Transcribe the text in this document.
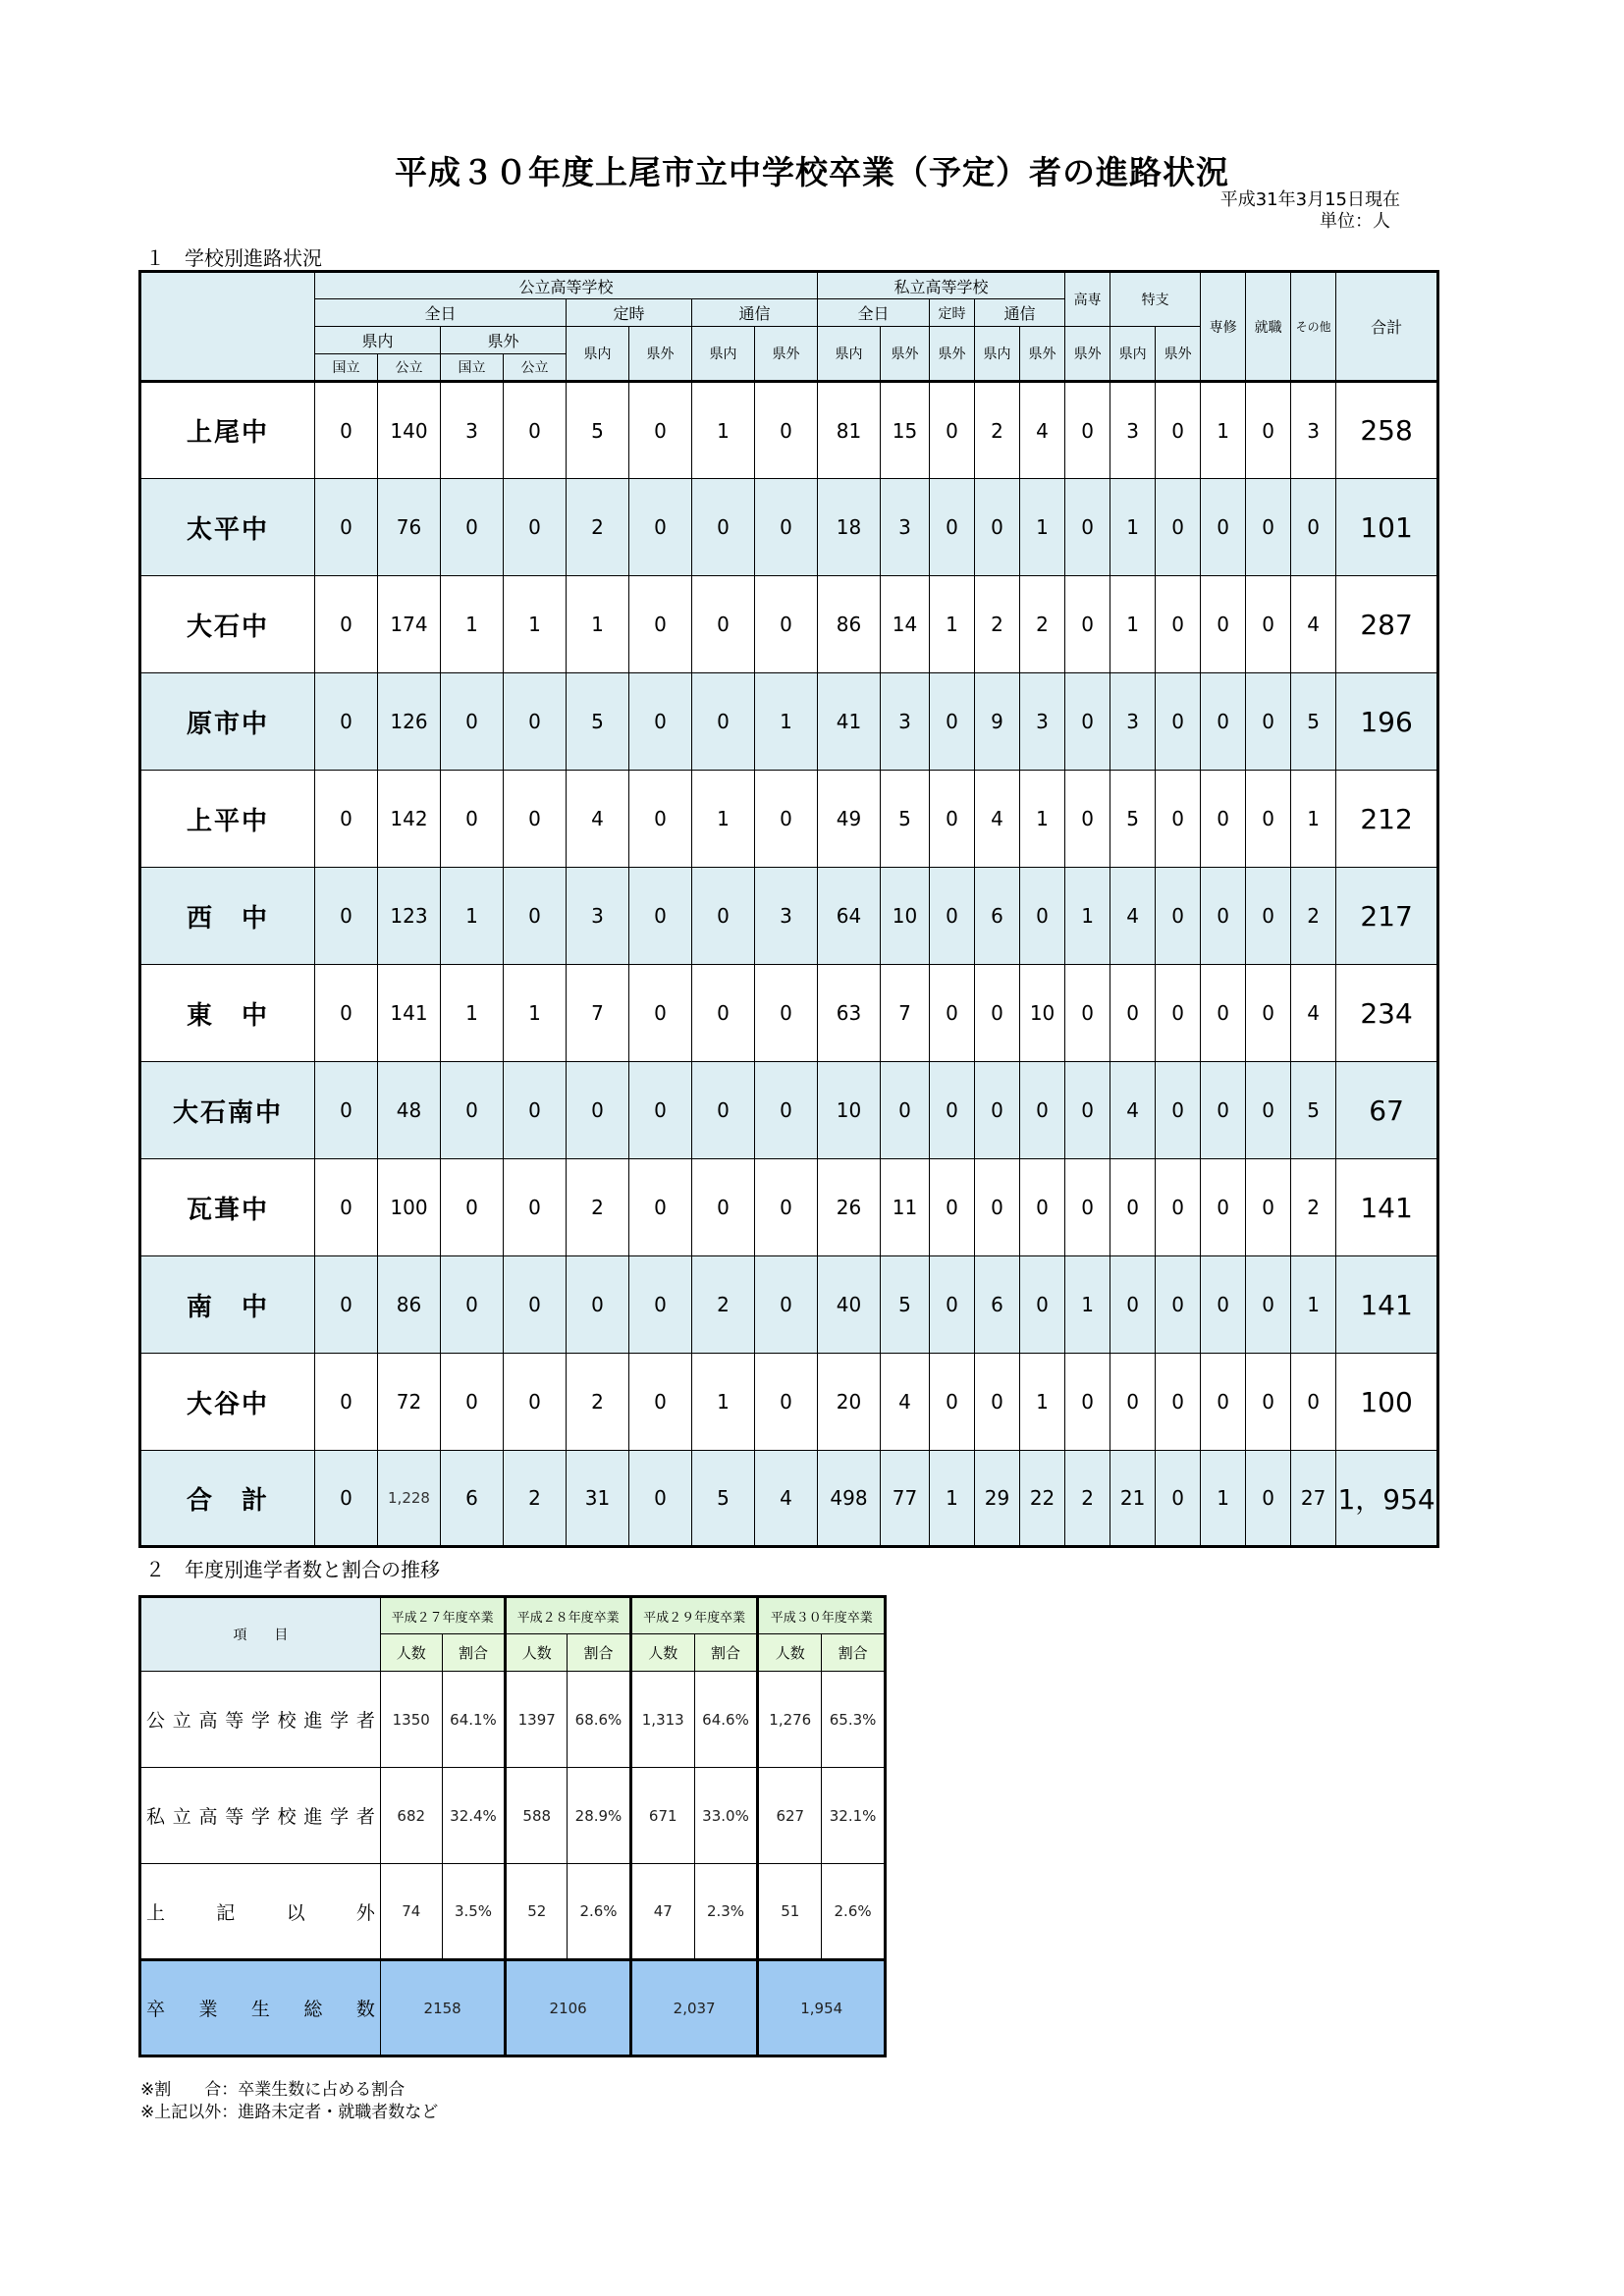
平成３０年度上尾市立中学校卒業（予定）者の進路状況
平成31年3月15日現在
単位：人
１　学校別進路状況
	公立高等学校								私立高等学校					高専	特支		専修	就職	その他	合計
	全日				定時		通信		全日		定時	通信								
	県内		県外		県内	県外	県内	県外	県内	県外	県外	県内	県外	県外	県内	県外				
	国立	公立	国立	公立																
上尾中	0	140	3	0	5	0	1	0	81	15	0	2	4	0	3	0	1	0	3	258
太平中	0	76	0	0	2	0	0	0	18	3	0	0	1	0	1	0	0	0	0	101
大石中	0	174	1	1	1	0	0	0	86	14	1	2	2	0	1	0	0	0	4	287
原市中	0	126	0	0	5	0	0	1	41	3	0	9	3	0	3	0	0	0	5	196
上平中	0	142	0	0	4	0	1	0	49	5	0	4	1	0	5	0	0	0	1	212
西　中	0	123	1	0	3	0	0	3	64	10	0	6	0	1	4	0	0	0	2	217
東　中	0	141	1	1	7	0	0	0	63	7	0	0	10	0	0	0	0	0	4	234
大石南中	0	48	0	0	0	0	0	0	10	0	0	0	0	0	4	0	0	0	5	67
瓦葺中	0	100	0	0	2	0	0	0	26	11	0	0	0	0	0	0	0	0	2	141
南　中	0	86	0	0	0	0	2	0	40	5	0	6	0	1	0	0	0	0	1	141
大谷中	0	72	0	0	2	0	1	0	20	4	0	0	1	0	0	0	0	0	0	100
合　計	0	1,228	6	2	31	0	5	4	498	77	1	29	22	2	21	0	1	0	27	1，954
２　年度別進学者数と割合の推移
項　　目	平成２７年度卒業		平成２８年度卒業		平成２９年度卒業		平成３０年度卒業	
	人数	割合	人数	割合	人数	割合	人数	割合
公立高等学校進学者	1350	64.1%	1397	68.6%	1,313	64.6%	1,276	65.3%
私立高等学校進学者	682	32.4%	588	28.9%	671	33.0%	627	32.1%
上記以外	74	3.5%	52	2.6%	47	2.3%	51	2.6%
卒業生総数	2158		2106		2,037		1,954	
※割　　合：卒業生数に占める割合
※上記以外：進路未定者・就職者数など
